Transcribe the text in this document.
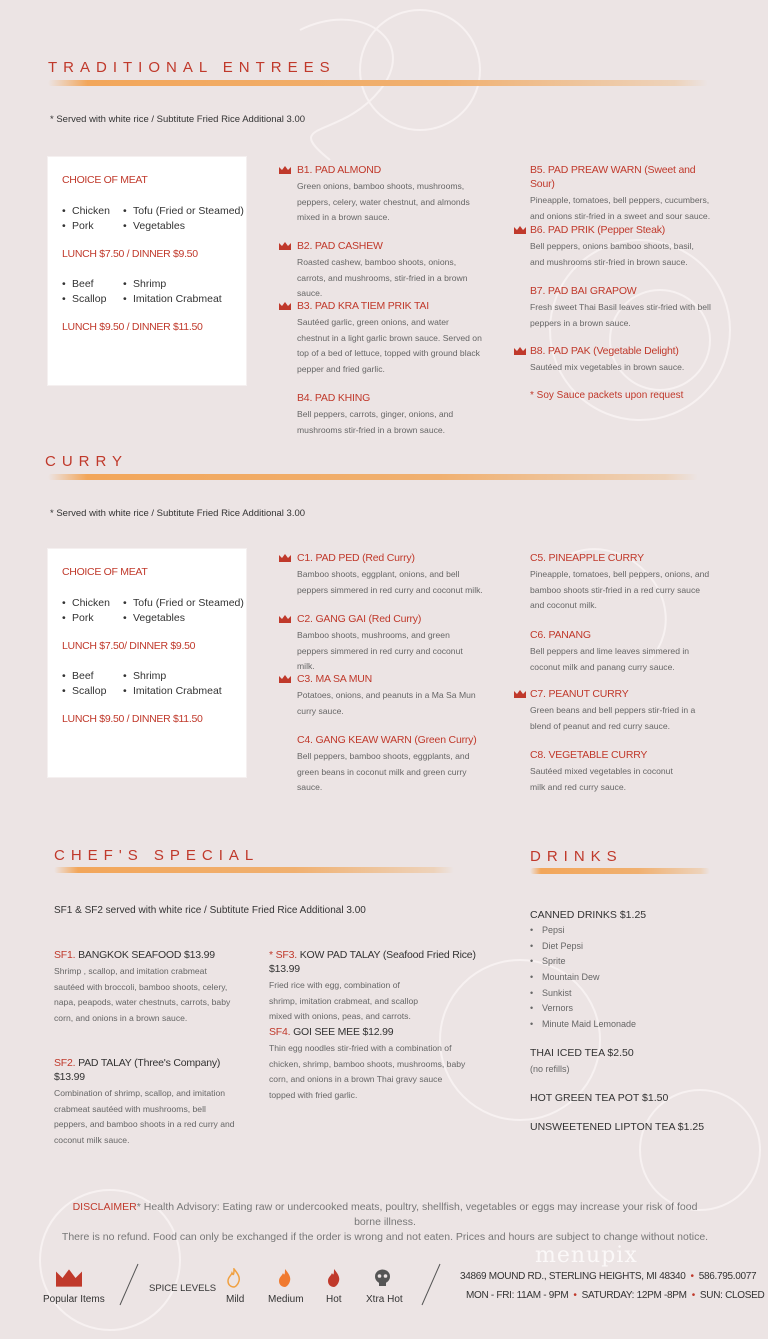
TRADITIONAL ENTREES
* Served with white rice / Subtitute Fried Rice Additional 3.00
CHOICE OF MEAT
• Chicken
• Pork
• Tofu (Fried or Steamed)
• Vegetables
LUNCH $7.50 / DINNER $9.50
• Beef
• Scallop
• Shrimp
• Imitation Crabmeat
LUNCH $9.50 / DINNER $11.50
B1. PAD ALMOND
Green onions, bamboo shoots, mushrooms, peppers, celery, water chestnut, and almonds mixed in a brown sauce.
B2. PAD CASHEW
Roasted cashew, bamboo shoots, onions, carrots, and mushrooms, stir-fried in a brown sauce.
B3. PAD KRA TIEM PRIK TAI
Sautéed garlic, green onions, and water chestnut in a light garlic brown sauce. Served on top of a bed of lettuce, topped with ground black pepper and fried garlic.
B4. PAD KHING
Bell peppers, carrots, ginger, onions, and mushrooms stir-fried in a brown sauce.
B5. PAD PREAW WARN (Sweet and Sour)
Pineapple, tomatoes, bell peppers, cucumbers, and onions stir-fried in a sweet and sour sauce.
B6. PAD PRIK (Pepper Steak)
Bell peppers, onions bamboo shoots, basil, and mushrooms stir-fried in brown sauce.
B7. PAD BAI GRAPOW
Fresh sweet Thai Basil leaves stir-fried with bell peppers in a brown sauce.
B8. PAD PAK (Vegetable Delight)
Sautéed mix vegetables in brown sauce.
* Soy Sauce packets upon request
CURRY
* Served with white rice / Subtitute Fried Rice Additional 3.00
CHOICE OF MEAT
• Chicken
• Pork
• Tofu (Fried or Steamed)
• Vegetables
LUNCH $7.50/ DINNER $9.50
• Beef
• Scallop
• Shrimp
• Imitation Crabmeat
LUNCH $9.50 / DINNER $11.50
C1. PAD PED (Red Curry)
Bamboo shoots, eggplant, onions, and bell peppers simmered in red curry and coconut milk.
C2. GANG GAI (Red Curry)
Bamboo shoots, mushrooms, and green peppers simmered in red curry and coconut milk.
C3. MA SA MUN
Potatoes, onions, and peanuts in a Ma Sa Mun curry sauce.
C4. GANG KEAW WARN (Green Curry)
Bell peppers, bamboo shoots, eggplants, and green beans in coconut milk and green curry sauce.
C5. PINEAPPLE CURRY
Pineapple, tomatoes, bell peppers, onions, and bamboo shoots stir-fried in a red curry sauce and coconut milk.
C6. PANANG
Bell peppers and lime leaves simmered in coconut milk and panang curry sauce.
C7. PEANUT CURRY
Green beans and bell peppers stir-fried in a blend of peanut and red curry sauce.
C8. VEGETABLE CURRY
Sautéed mixed vegetables in coconut milk and red curry sauce.
CHEF'S SPECIAL
SF1 & SF2 served with white rice / Subtitute Fried Rice Additional 3.00
SF1. BANGKOK SEAFOOD $13.99
Shrimp , scallop, and imitation crabmeat sautéed with broccoli, bamboo shoots, celery, napa, peapods, water chestnuts, carrots, baby corn, and onions in a brown sauce.
SF2. PAD TALAY (Three's Company) $13.99
Combination of shrimp, scallop, and imitation crabmeat sautéed with mushrooms, bell peppers, and bamboo shoots in a red curry and coconut milk sauce.
* SF3. KOW PAD TALAY (Seafood Fried Rice) $13.99
Fried rice with egg, combination of shrimp, imitation crabmeat, and scallop mixed with onions, peas, and carrots.
SF4. GOI SEE MEE $12.99
Thin egg noodles stir-fried with a combination of chicken, shrimp, bamboo shoots, mushrooms, baby corn, and onions in a brown Thai gravy sauce topped with fried garlic.
DRINKS
CANNED DRINKS $1.25
• Pepsi
• Diet Pepsi
• Sprite
• Mountain Dew
• Sunkist
• Vernors
• Minute Maid Lemonade
THAI ICED TEA $2.50
(no refills)
HOT GREEN TEA POT $1.50
UNSWEETENED LIPTON TEA $1.25
DISCLAIMER* Health Advisory: Eating raw or undercooked meats, poultry, shellfish, vegetables or eggs may increase your risk of food borne illness.
There is no refund. Food can only be exchanged if the order is wrong and not eaten. Prices and hours are subject to change without notice.
menupix
Popular Items
SPICE LEVELS
Mild Medium Hot Xtra Hot
34869 MOUND RD., STERLING HEIGHTS, MI 48340 • 586.795.0077
MON - FRI: 11AM - 9PM • SATURDAY: 12PM -8PM • SUN: CLOSED
